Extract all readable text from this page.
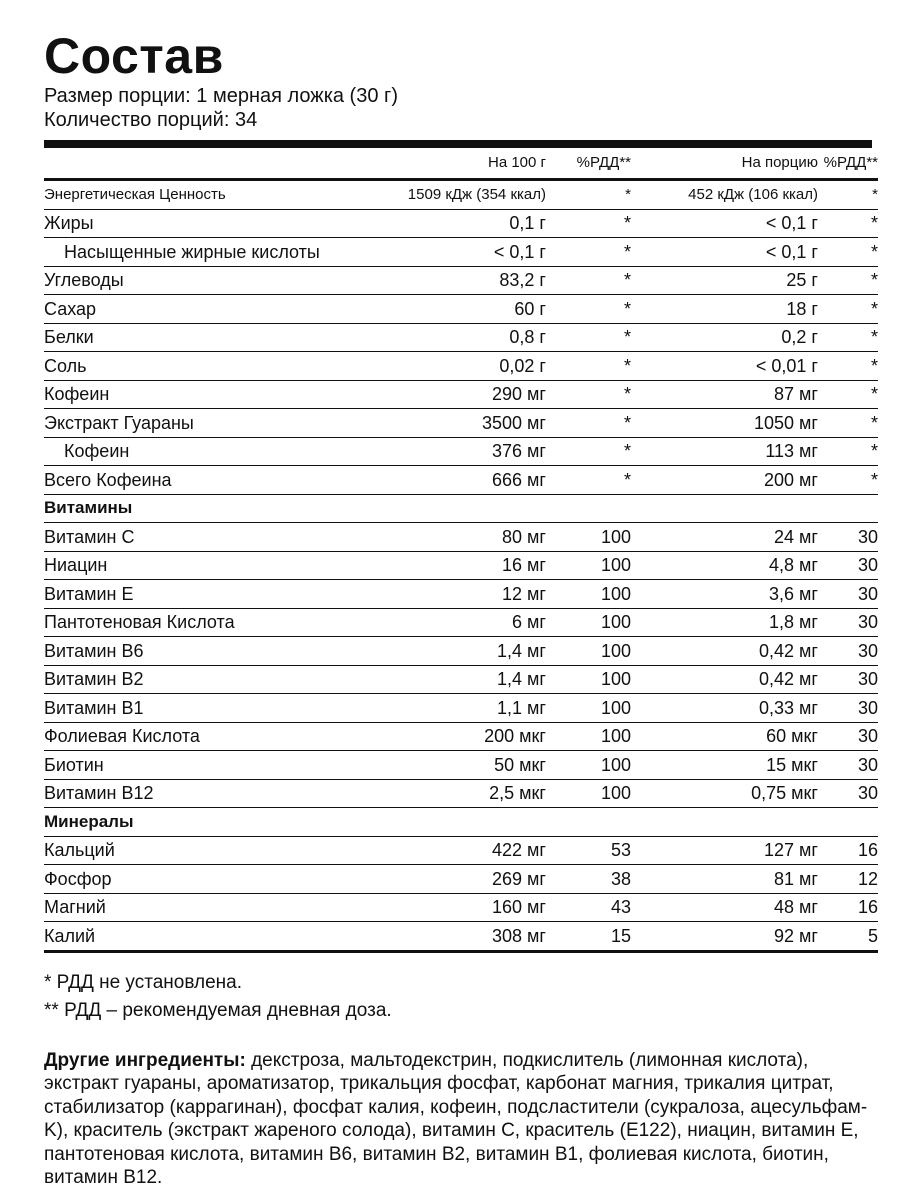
Состав
Размер порции: 1 мерная ложка (30 г)
Количество порций: 34
	На 100 г	%РДД**	На порцию	%РДД**
Энергетическая Ценность	1509 кДж (354 ккал)	*	452 кДж (106 ккал)	*
Жиры	0,1 г	*	< 0,1 г	*
Насыщенные жирные кислоты	< 0,1 г	*	< 0,1 г	*
Углеводы	83,2 г	*	25 г	*
Сахар	60 г	*	18 г	*
Белки	0,8 г	*	0,2 г	*
Соль	0,02 г	*	< 0,01 г	*
Кофеин	290 мг	*	87 мг	*
Экстракт Гуараны	3500 мг	*	1050 мг	*
Кофеин	376 мг	*	113 мг	*
Всего Кофеина	666 мг	*	200 мг	*
Витамины				
Витамин С	80 мг	100	24 мг	30
Ниацин	16 мг	100	4,8 мг	30
Витамин Е	12 мг	100	3,6 мг	30
Пантотеновая Кислота	6 мг	100	1,8 мг	30
Витамин В6	1,4 мг	100	0,42 мг	30
Витамин В2	1,4 мг	100	0,42 мг	30
Витамин В1	1,1 мг	100	0,33 мг	30
Фолиевая Кислота	200 мкг	100	60 мкг	30
Биотин	50 мкг	100	15 мкг	30
Витамин В12	2,5 мкг	100	0,75 мкг	30
Минералы				
Кальций	422 мг	53	127 мг	16
Фосфор	269 мг	38	81 мг	12
Магний	160 мг	43	48 мг	16
Калий	308 мг	15	92 мг	5
* РДД не установлена.
** РДД – рекомендуемая дневная доза.
Другие ингредиенты: декстроза, мальтодекстрин, подкислитель (лимонная кислота), экстракт гуараны, ароматизатор, трикальция фосфат, карбонат магния, трикалия цитрат, стабилизатор (каррагинан), фосфат калия, кофеин, подсластители (сукралоза, ацесульфам-K), краситель (экстракт жареного солода), витамин С, краситель (Е122), ниацин, витамин Е, пантотеновая кислота, витамин В6, витамин В2, витамин В1, фолиевая кислота, биотин, витамин В12.
